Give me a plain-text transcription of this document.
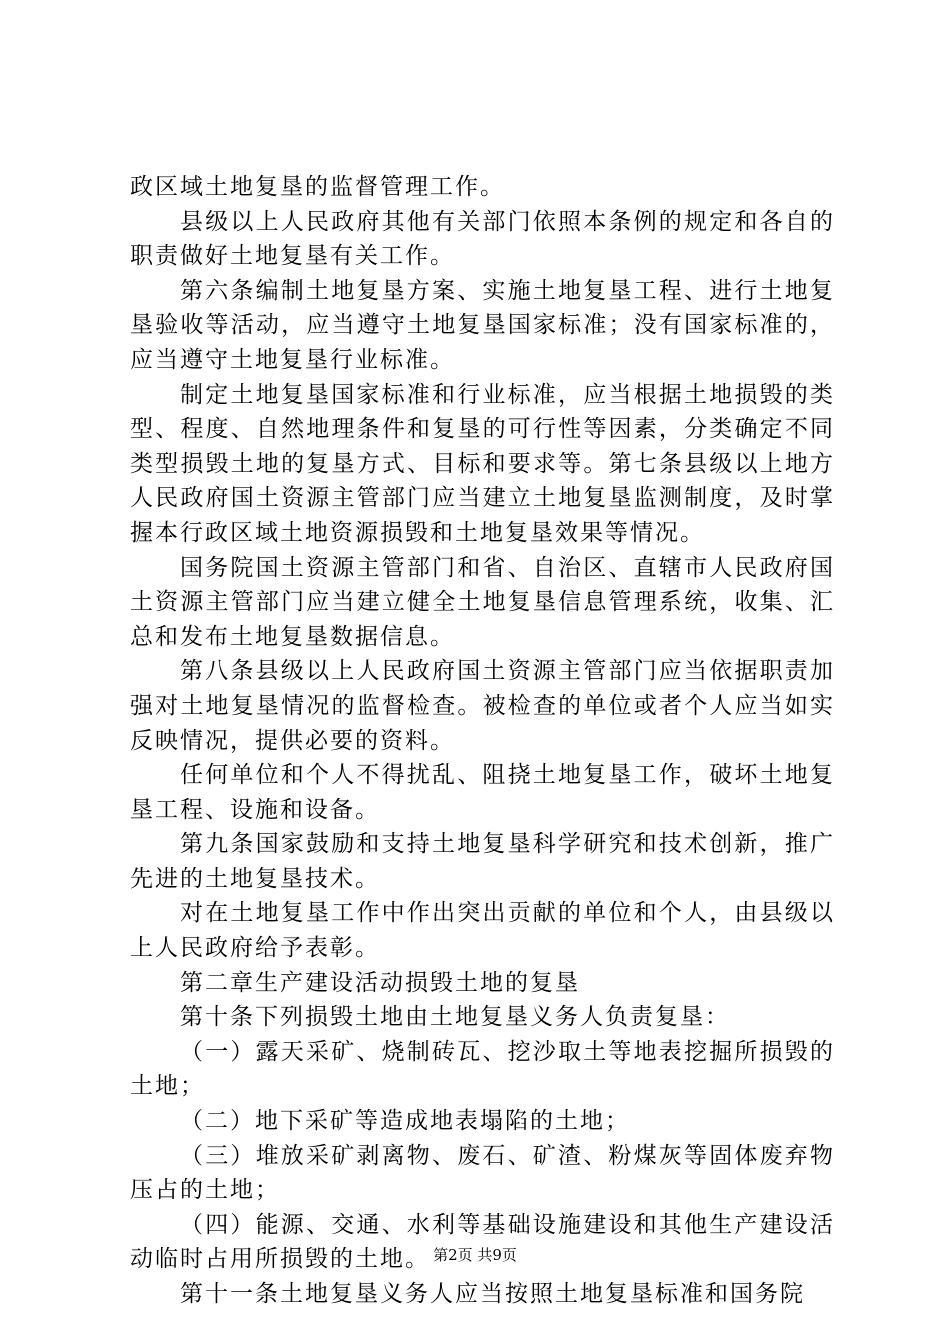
政区域土地复垦的监督管理工作。

县级以上人民政府其他有关部门依照本条例的规定和各自的职责做好土地复垦有关工作。

第六条编制土地复垦方案、实施土地复垦工程、进行土地复垦验收等活动，应当遵守土地复垦国家标准；没有国家标准的，应当遵守土地复垦行业标准。

制定土地复垦国家标准和行业标准，应当根据土地损毁的类型、程度、自然地理条件和复垦的可行性等因素，分类确定不同类型损毁土地的复垦方式、目标和要求等。第七条县级以上地方人民政府国土资源主管部门应当建立土地复垦监测制度，及时掌握本行政区域土地资源损毁和土地复垦效果等情况。

国务院国土资源主管部门和省、自治区、直辖市人民政府国土资源主管部门应当建立健全土地复垦信息管理系统，收集、汇总和发布土地复垦数据信息。

第八条县级以上人民政府国土资源主管部门应当依据职责加强对土地复垦情况的监督检查。被检查的单位或者个人应当如实反映情况，提供必要的资料。

任何单位和个人不得扰乱、阻挠土地复垦工作，破坏土地复垦工程、设施和设备。

第九条国家鼓励和支持土地复垦科学研究和技术创新，推广先进的土地复垦技术。

对在土地复垦工作中作出突出贡献的单位和个人，由县级以上人民政府给予表彰。

第二章生产建设活动损毁土地的复垦

第十条下列损毁土地由土地复垦义务人负责复垦：

（一）露天采矿、烧制砖瓦、挖沙取土等地表挖掘所损毁的土地；

（二）地下采矿等造成地表塌陷的土地；

（三）堆放采矿剥离物、废石、矿渣、粉煤灰等固体废弃物压占的土地；

（四）能源、交通、水利等基础设施建设和其他生产建设活动临时占用所损毁的土地。

第十一条土地复垦义务人应当按照土地复垦标准和国务院

第2页 共9页
